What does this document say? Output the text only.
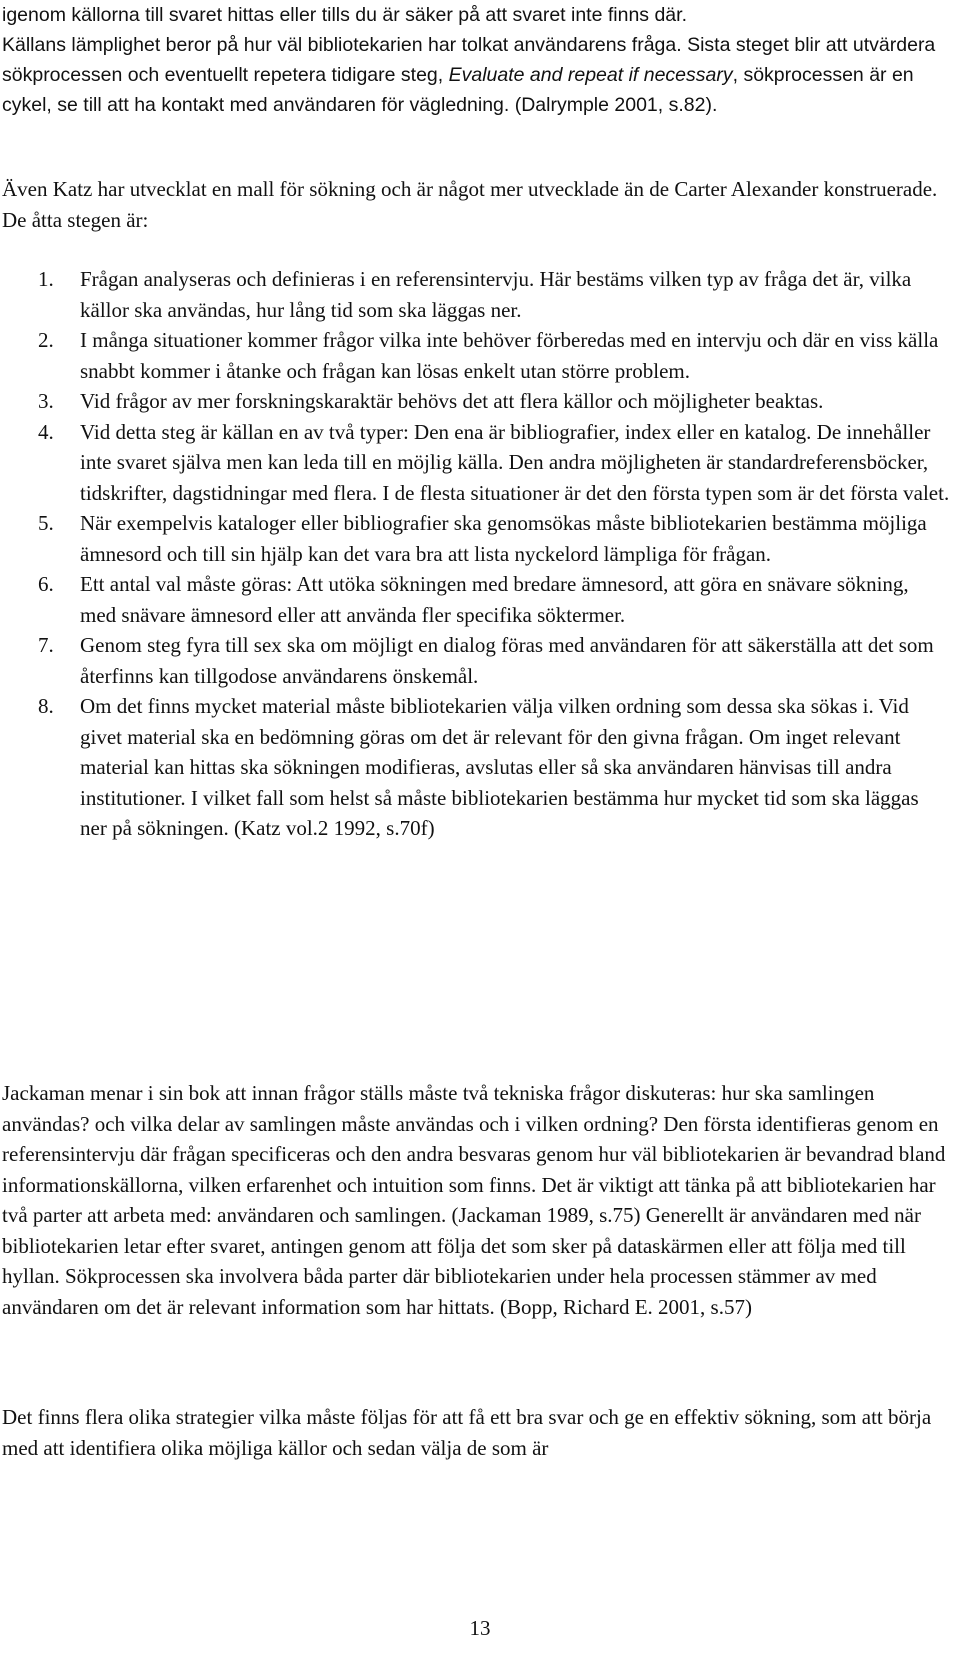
igenom källorna till svaret hittas eller tills du är säker på att svaret inte finns där.
Källans lämplighet beror på hur väl bibliotekarien har tolkat användarens fråga. Sista steget blir att utvärdera sökprocessen och eventuellt repetera tidigare steg, Evaluate and repeat if necessary, sökprocessen är en cykel, se till att ha kontakt med användaren för vägledning. (Dalrymple 2001, s.82).

Även Katz har utvecklat en mall för sökning och är något mer utvecklade än de Carter Alexander konstruerade. De åtta stegen är:

1. Frågan analyseras och definieras i en referensintervju. Här bestäms vilken typ av fråga det är, vilka källor ska användas, hur lång tid som ska läggas ner.
2. I många situationer kommer frågor vilka inte behöver förberedas med en intervju och där en viss källa snabbt kommer i åtanke och frågan kan lösas enkelt utan större problem.
3. Vid frågor av mer forskningskaraktär behövs det att flera källor och möjligheter beaktas.
4. Vid detta steg är källan en av två typer: Den ena är bibliografier, index eller en katalog. De innehåller inte svaret själva men kan leda till en möjlig källa. Den andra möjligheten är standardreferensböcker, tidskrifter, dagstidningar med flera. I de flesta situationer är det den första typen som är det första valet.
5. När exempelvis kataloger eller bibliografier ska genomsökas måste bibliotekarien bestämma möjliga ämnesord och till sin hjälp kan det vara bra att lista nyckelord lämpliga för frågan.
6. Ett antal val måste göras: Att utöka sökningen med bredare ämnesord, att göra en snävare sökning, med snävare ämnesord eller att använda fler specifika söktermer.
7. Genom steg fyra till sex ska om möjligt en dialog föras med användaren för att säkerställa att det som återfinns kan tillgodose användarens önskemål.
8. Om det finns mycket material måste bibliotekarien välja vilken ordning som dessa ska sökas i. Vid givet material ska en bedömning göras om det är relevant för den givna frågan. Om inget relevant material kan hittas ska sökningen modifieras, avslutas eller så ska användaren hänvisas till andra institutioner. I vilket fall som helst så måste bibliotekarien bestämma hur mycket tid som ska läggas ner på sökningen. (Katz vol.2 1992, s.70f)

Jackaman menar i sin bok att innan frågor ställs måste två tekniska frågor diskuteras: hur ska samlingen användas? och vilka delar av samlingen måste användas och i vilken ordning? Den första identifieras genom en referensintervju där frågan specificeras och den andra besvaras genom hur väl bibliotekarien är bevandrad bland informationskällorna, vilken erfarenhet och intuition som finns. Det är viktigt att tänka på att bibliotekarien har två parter att arbeta med: användaren och samlingen. (Jackaman 1989, s.75) Generellt är användaren med när bibliotekarien letar efter svaret, antingen genom att följa det som sker på dataskärmen eller att följa med till hyllan. Sökprocessen ska involvera båda parter där bibliotekarien under hela processen stämmer av med användaren om det är relevant information som har hittats. (Bopp, Richard E. 2001, s.57)

Det finns flera olika strategier vilka måste följas för att få ett bra svar och ge en effektiv sökning, som att börja med att identifiera olika möjliga källor och sedan välja de som är

13
